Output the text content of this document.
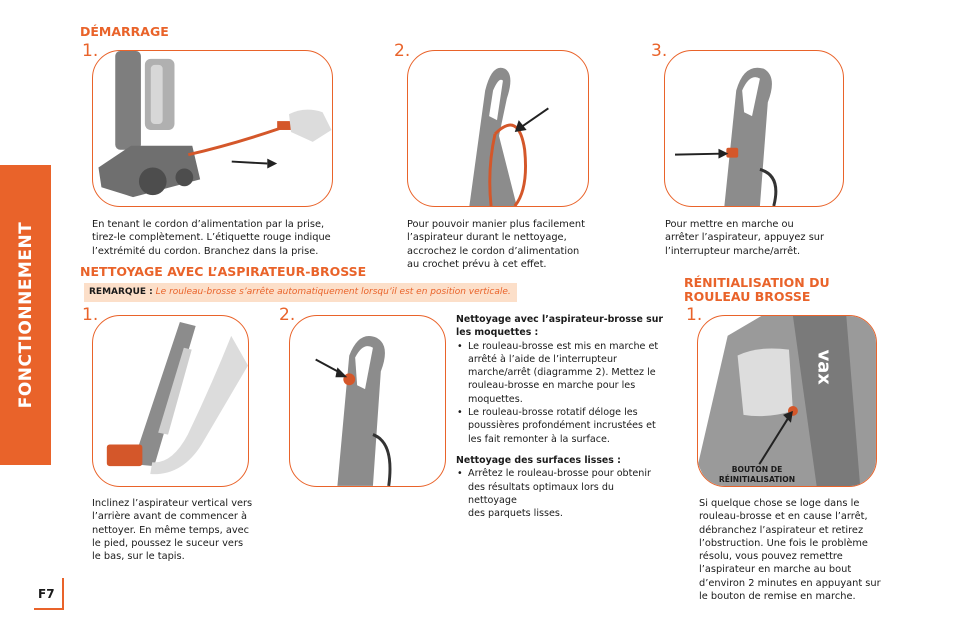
FONCTIONNEMENT
F7
DÉMARRAGE
1.
En tenant le cordon d’alimentation par la prise,
tirez-le complètement. L’étiquette rouge indique
l’extrémité du cordon. Branchez dans la prise.
2.
Pour pouvoir manier plus facilement
l’aspirateur durant le nettoyage,
accrochez le cordon d’alimentation
au crochet prévu à cet effet.
3.
Pour mettre en marche ou
arrêter l’aspirateur, appuyez sur
l’interrupteur marche/arrêt.
NETTOYAGE AVEC L’ASPIRATEUR-BROSSE
REMARQUE : Le rouleau-brosse s’arrête automatiquement lorsqu’il est en position verticale.
1.
Inclinez l’aspirateur vertical vers
l’arrière avant de commencer à
nettoyer. En même temps, avec
le pied, poussez le suceur vers
le bas, sur le tapis.
2.	Nettoyage avec l’aspirateur-brosse sur
les moquettes :
• Le rouleau-brosse est mis en marche et
arrêté à l’aide de l’interrupteur
marche/arrêt (diagramme 2). Mettez le
rouleau-brosse en marche pour les
moquettes.
• Le rouleau-brosse rotatif déloge les
poussières profondément incrustées et
les fait remonter à la surface.
Nettoyage des surfaces lisses :
• Arrêtez le rouleau-brosse pour obtenir
des résultats optimaux lors du nettoyage
des parquets lisses.
RÉNITIALISATION DU
ROULEAU BROSSE
1.
vax
BOUTON DE
RÉINITIALISATION
Si quelque chose se loge dans le
rouleau-brosse et en cause l’arrêt,
débranchez l’aspirateur et retirez
l’obstruction. Une fois le problème
résolu, vous pouvez remettre
l’aspirateur en marche au bout
d’environ 2 minutes en appuyant sur
le bouton de remise en marche.
